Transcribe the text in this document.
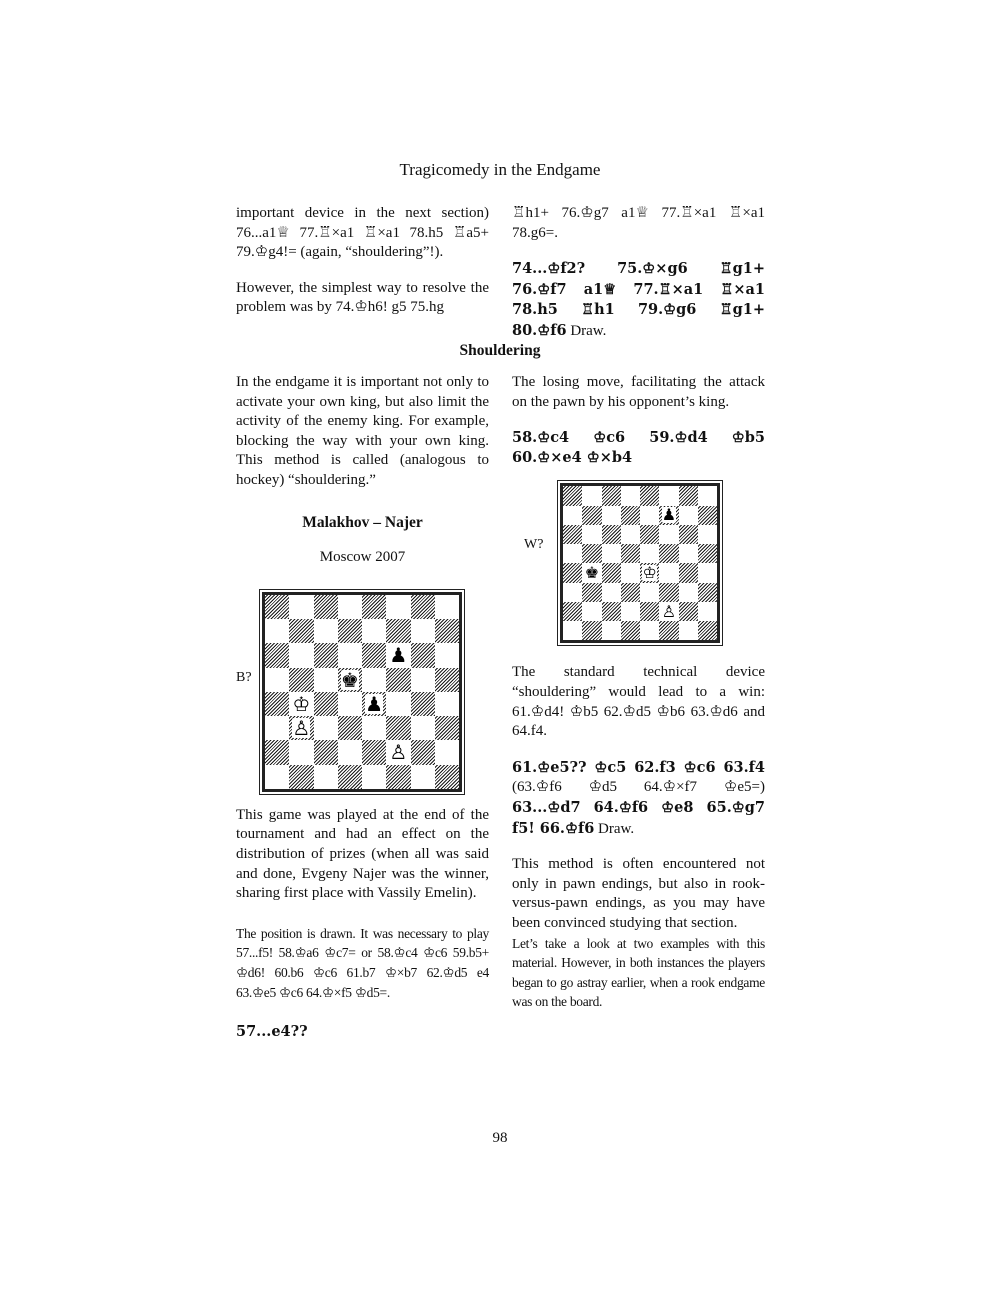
Tragicomedy in the Endgame

important device in the next section) 76...a1♕ 77.♖×a1 ♖×a1 78.h5 ♖a5+ 79.♔g4!= (again, “shouldering”!).

However, the simplest way to resolve the problem was by 74.♔h6! g5 75.hg

♖h1+ 76.♔g7 a1♕ 77.♖×a1 ♖×a1 78.g6=.

74...♔f2? 75.♔×g6 ♖g1+ 76.♔f7 a1♕ 77.♖×a1 ♖×a1 78.h5 ♖h1 79.♔g6 ♖g1+ 80.♔f6 Draw.

Shouldering

In the endgame it is important not only to activate your own king, but also limit the activity of the enemy king. For example, blocking the way with your own king. This method is called (analogous to hockey) “shouldering.”

Malakhov – Najer

Moscow 2007

B?
♟
♚
♔	♟
♙
♙

This game was played at the end of the tournament and had an effect on the distribution of prizes (when all was said and done, Evgeny Najer was the winner, sharing first place with Vassily Emelin).

The position is drawn. It was necessary to play 57...f5! 58.♔a6 ♔c7= or 58.♔c4 ♔c6 59.b5+ ♔d6! 60.b6 ♔c6 61.b7 ♔×b7 62.♔d5 e4 63.♔e5 ♔c6 64.♔×f5 ♔d5=.

57...e4??

The losing move, facilitating the attack on the pawn by his opponent’s king.

58.♔c4 ♔c6 59.♔d4 ♔b5 60.♔×e4 ♔×b4

W?
♟
♚	♔
♙

The standard technical device “shouldering” would lead to a win: 61.♔d4! ♔b5 62.♔d5 ♔b6 63.♔d6 and 64.f4.

61.♔e5?? ♔c5 62.f3 ♔c6 63.f4 (63.♔f6 ♔d5 64.♔×f7 ♔e5=) 63...♔d7 64.♔f6 ♔e8 65.♔g7 f5! 66.♔f6 Draw.

This method is often encountered not only in pawn endings, but also in rook-versus-pawn endings, as you may have been convinced studying that section.

Let’s take a look at two examples with this material. However, in both instances the players began to go astray earlier, when a rook endgame was on the board.

98
